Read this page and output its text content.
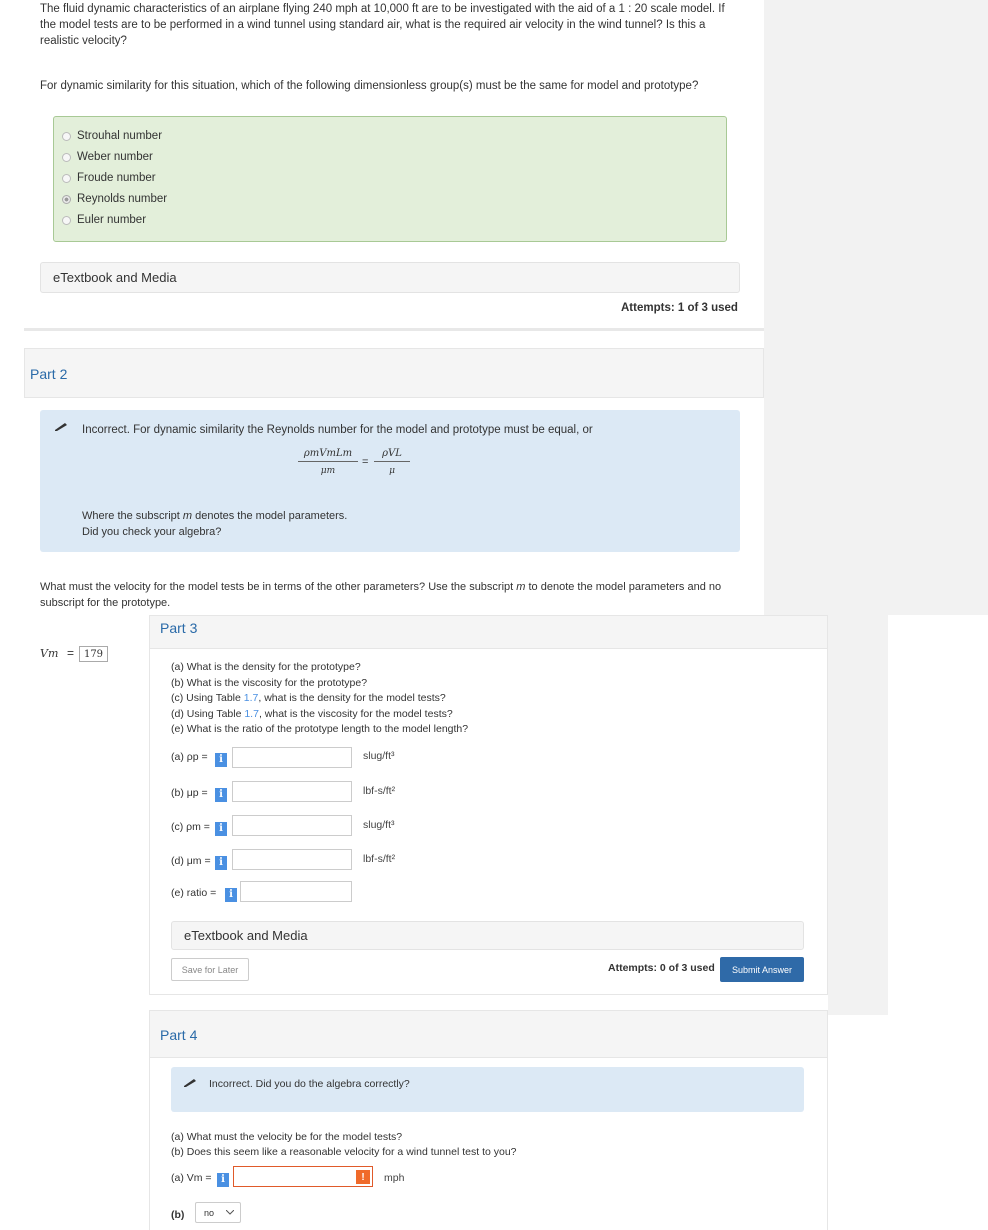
The fluid dynamic characteristics of an airplane flying 240 mph at 10,000 ft are to be investigated with the aid of a 1 : 20 scale model. If the model tests are to be performed in a wind tunnel using standard air, what is the required air velocity in the wind tunnel? Is this a realistic velocity?
For dynamic similarity for this situation, which of the following dimensionless group(s) must be the same for model and prototype?
Strouhal number
Weber number
Froude number
Reynolds number
Euler number
eTextbook and Media
Attempts: 1 of 3 used
Part 2
Incorrect. For dynamic similarity the Reynolds number for the model and prototype must be equal, or
ρmVmLm
μm
=
ρVL
μ
Where the subscript m denotes the model parameters.
Did you check your algebra?
What must the velocity for the model tests be in terms of the other parameters? Use the subscript m to denote the model parameters and no subscript for the prototype.
Vm = 179
Part 3
(a) What is the density for the prototype?
(b) What is the viscosity for the prototype?
(c) Using Table 1.7, what is the density for the model tests?
(d) Using Table 1.7, what is the viscosity for the model tests?
(e) What is the ratio of the prototype length to the model length?
(a) ρp =	i	slug/ft³
(b) μp =	i	lbf-s/ft²
(c) ρm = i	slug/ft³
(d) μm = i	lbf-s/ft²
(e) ratio =	i
eTextbook and Media
Save for Later	Attempts: 0 of 3 used	Submit Answer
Part 4
Incorrect. Did you do the algebra correctly?
(a) What must the velocity be for the model tests?
(b) Does this seem like a reasonable velocity for a wind tunnel test to you?
(a) Vm = i	!	mph
(b) no
